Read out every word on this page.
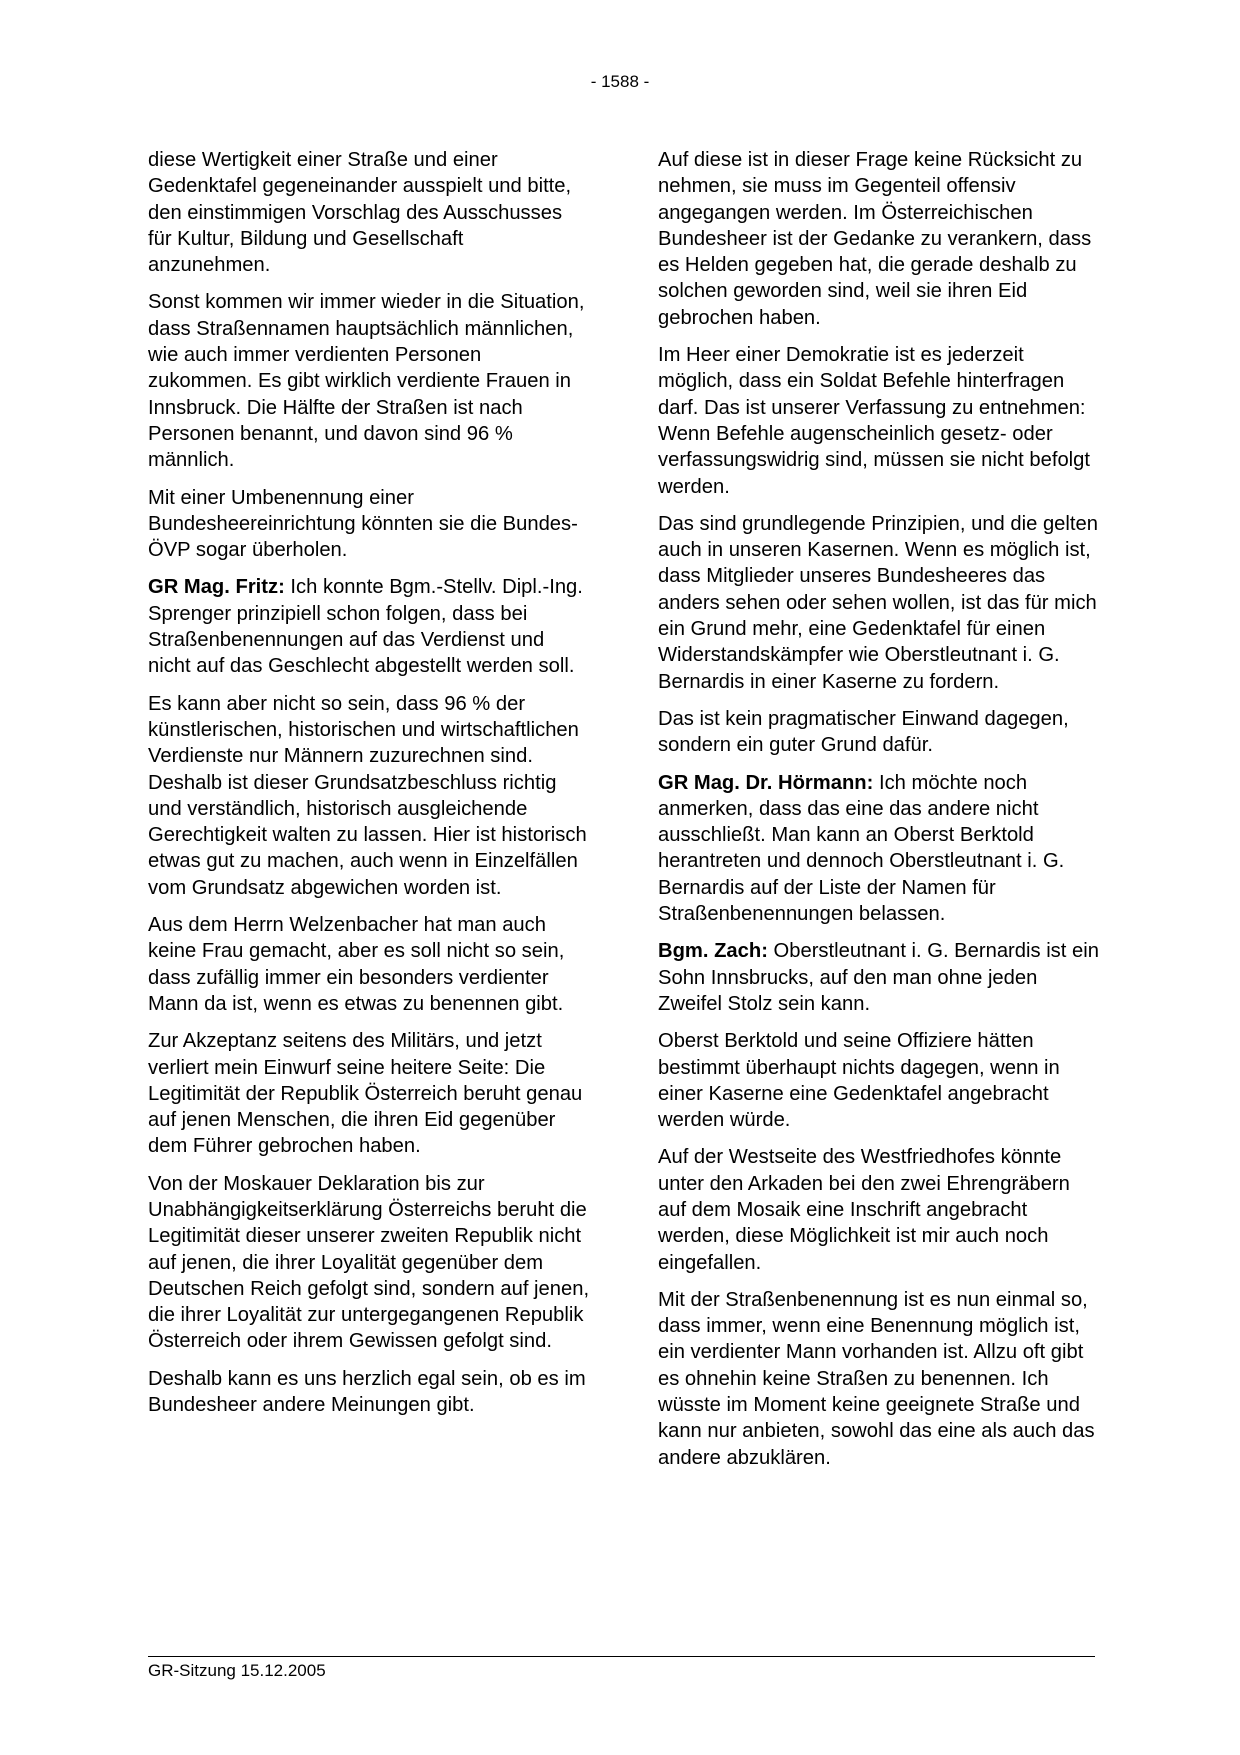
- 1588 -

diese Wertigkeit einer Straße und einer Gedenktafel gegeneinander ausspielt und bitte, den einstimmigen Vorschlag des Ausschusses für Kultur, Bildung und Gesellschaft anzunehmen.

Sonst kommen wir immer wieder in die Situation, dass Straßennamen hauptsächlich männlichen, wie auch immer verdienten Personen zukommen. Es gibt wirklich verdiente Frauen in Innsbruck. Die Hälfte der Straßen ist nach Personen benannt, und davon sind 96 % männlich.

Mit einer Umbenennung einer Bundesheereinrichtung könnten sie die Bundes-ÖVP sogar überholen.

GR Mag. Fritz: Ich konnte Bgm.-Stellv. Dipl.-Ing. Sprenger prinzipiell schon folgen, dass bei Straßenbenennungen auf das Verdienst und nicht auf das Geschlecht abgestellt werden soll.

Es kann aber nicht so sein, dass 96 % der künstlerischen, historischen und wirtschaftlichen Verdienste nur Männern zuzurechnen sind. Deshalb ist dieser Grundsatzbeschluss richtig und verständlich, historisch ausgleichende Gerechtigkeit walten zu lassen. Hier ist historisch etwas gut zu machen, auch wenn in Einzelfällen vom Grundsatz abgewichen worden ist.

Aus dem Herrn Welzenbacher hat man auch keine Frau gemacht, aber es soll nicht so sein, dass zufällig immer ein besonders verdienter Mann da ist, wenn es etwas zu benennen gibt.

Zur Akzeptanz seitens des Militärs, und jetzt verliert mein Einwurf seine heitere Seite: Die Legitimität der Republik Österreich beruht genau auf jenen Menschen, die ihren Eid gegenüber dem Führer gebrochen haben.

Von der Moskauer Deklaration bis zur Unabhängigkeitserklärung Österreichs beruht die Legitimität dieser unserer zweiten Republik nicht auf jenen, die ihrer Loyalität gegenüber dem Deutschen Reich gefolgt sind, sondern auf jenen, die ihrer Loyalität zur untergegangenen Republik Österreich oder ihrem Gewissen gefolgt sind.

Deshalb kann es uns herzlich egal sein, ob es im Bundesheer andere Meinungen gibt.

Auf diese ist in dieser Frage keine Rücksicht zu nehmen, sie muss im Gegenteil offensiv angegangen werden. Im Österreichischen Bundesheer ist der Gedanke zu verankern, dass es Helden gegeben hat, die gerade deshalb zu solchen geworden sind, weil sie ihren Eid gebrochen haben.

Im Heer einer Demokratie ist es jederzeit möglich, dass ein Soldat Befehle hinterfragen darf. Das ist unserer Verfassung zu entnehmen: Wenn Befehle augenscheinlich gesetz- oder verfassungswidrig sind, müssen sie nicht befolgt werden.

Das sind grundlegende Prinzipien, und die gelten auch in unseren Kasernen. Wenn es möglich ist, dass Mitglieder unseres Bundesheeres das anders sehen oder sehen wollen, ist das für mich ein Grund mehr, eine Gedenktafel für einen Widerstandskämpfer wie Oberstleutnant i. G. Bernardis in einer Kaserne zu fordern.

Das ist kein pragmatischer Einwand dagegen, sondern ein guter Grund dafür.

GR Mag. Dr. Hörmann: Ich möchte noch anmerken, dass das eine das andere nicht ausschließt. Man kann an Oberst Berktold herantreten und dennoch Oberstleutnant i. G. Bernardis auf der Liste der Namen für Straßenbenennungen belassen.

Bgm. Zach: Oberstleutnant i. G. Bernardis ist ein Sohn Innsbrucks, auf den man ohne jeden Zweifel Stolz sein kann.

Oberst Berktold und seine Offiziere hätten bestimmt überhaupt nichts dagegen, wenn in einer Kaserne eine Gedenktafel angebracht werden würde.

Auf der Westseite des Westfriedhofes könnte unter den Arkaden bei den zwei Ehrengräbern auf dem Mosaik eine Inschrift angebracht werden, diese Möglichkeit ist mir auch noch eingefallen.

Mit der Straßenbenennung ist es nun einmal so, dass immer, wenn eine Benennung möglich ist, ein verdienter Mann vorhanden ist. Allzu oft gibt es ohnehin keine Straßen zu benennen. Ich wüsste im Moment keine geeignete Straße und kann nur anbieten, sowohl das eine als auch das andere abzuklären.

GR-Sitzung 15.12.2005
